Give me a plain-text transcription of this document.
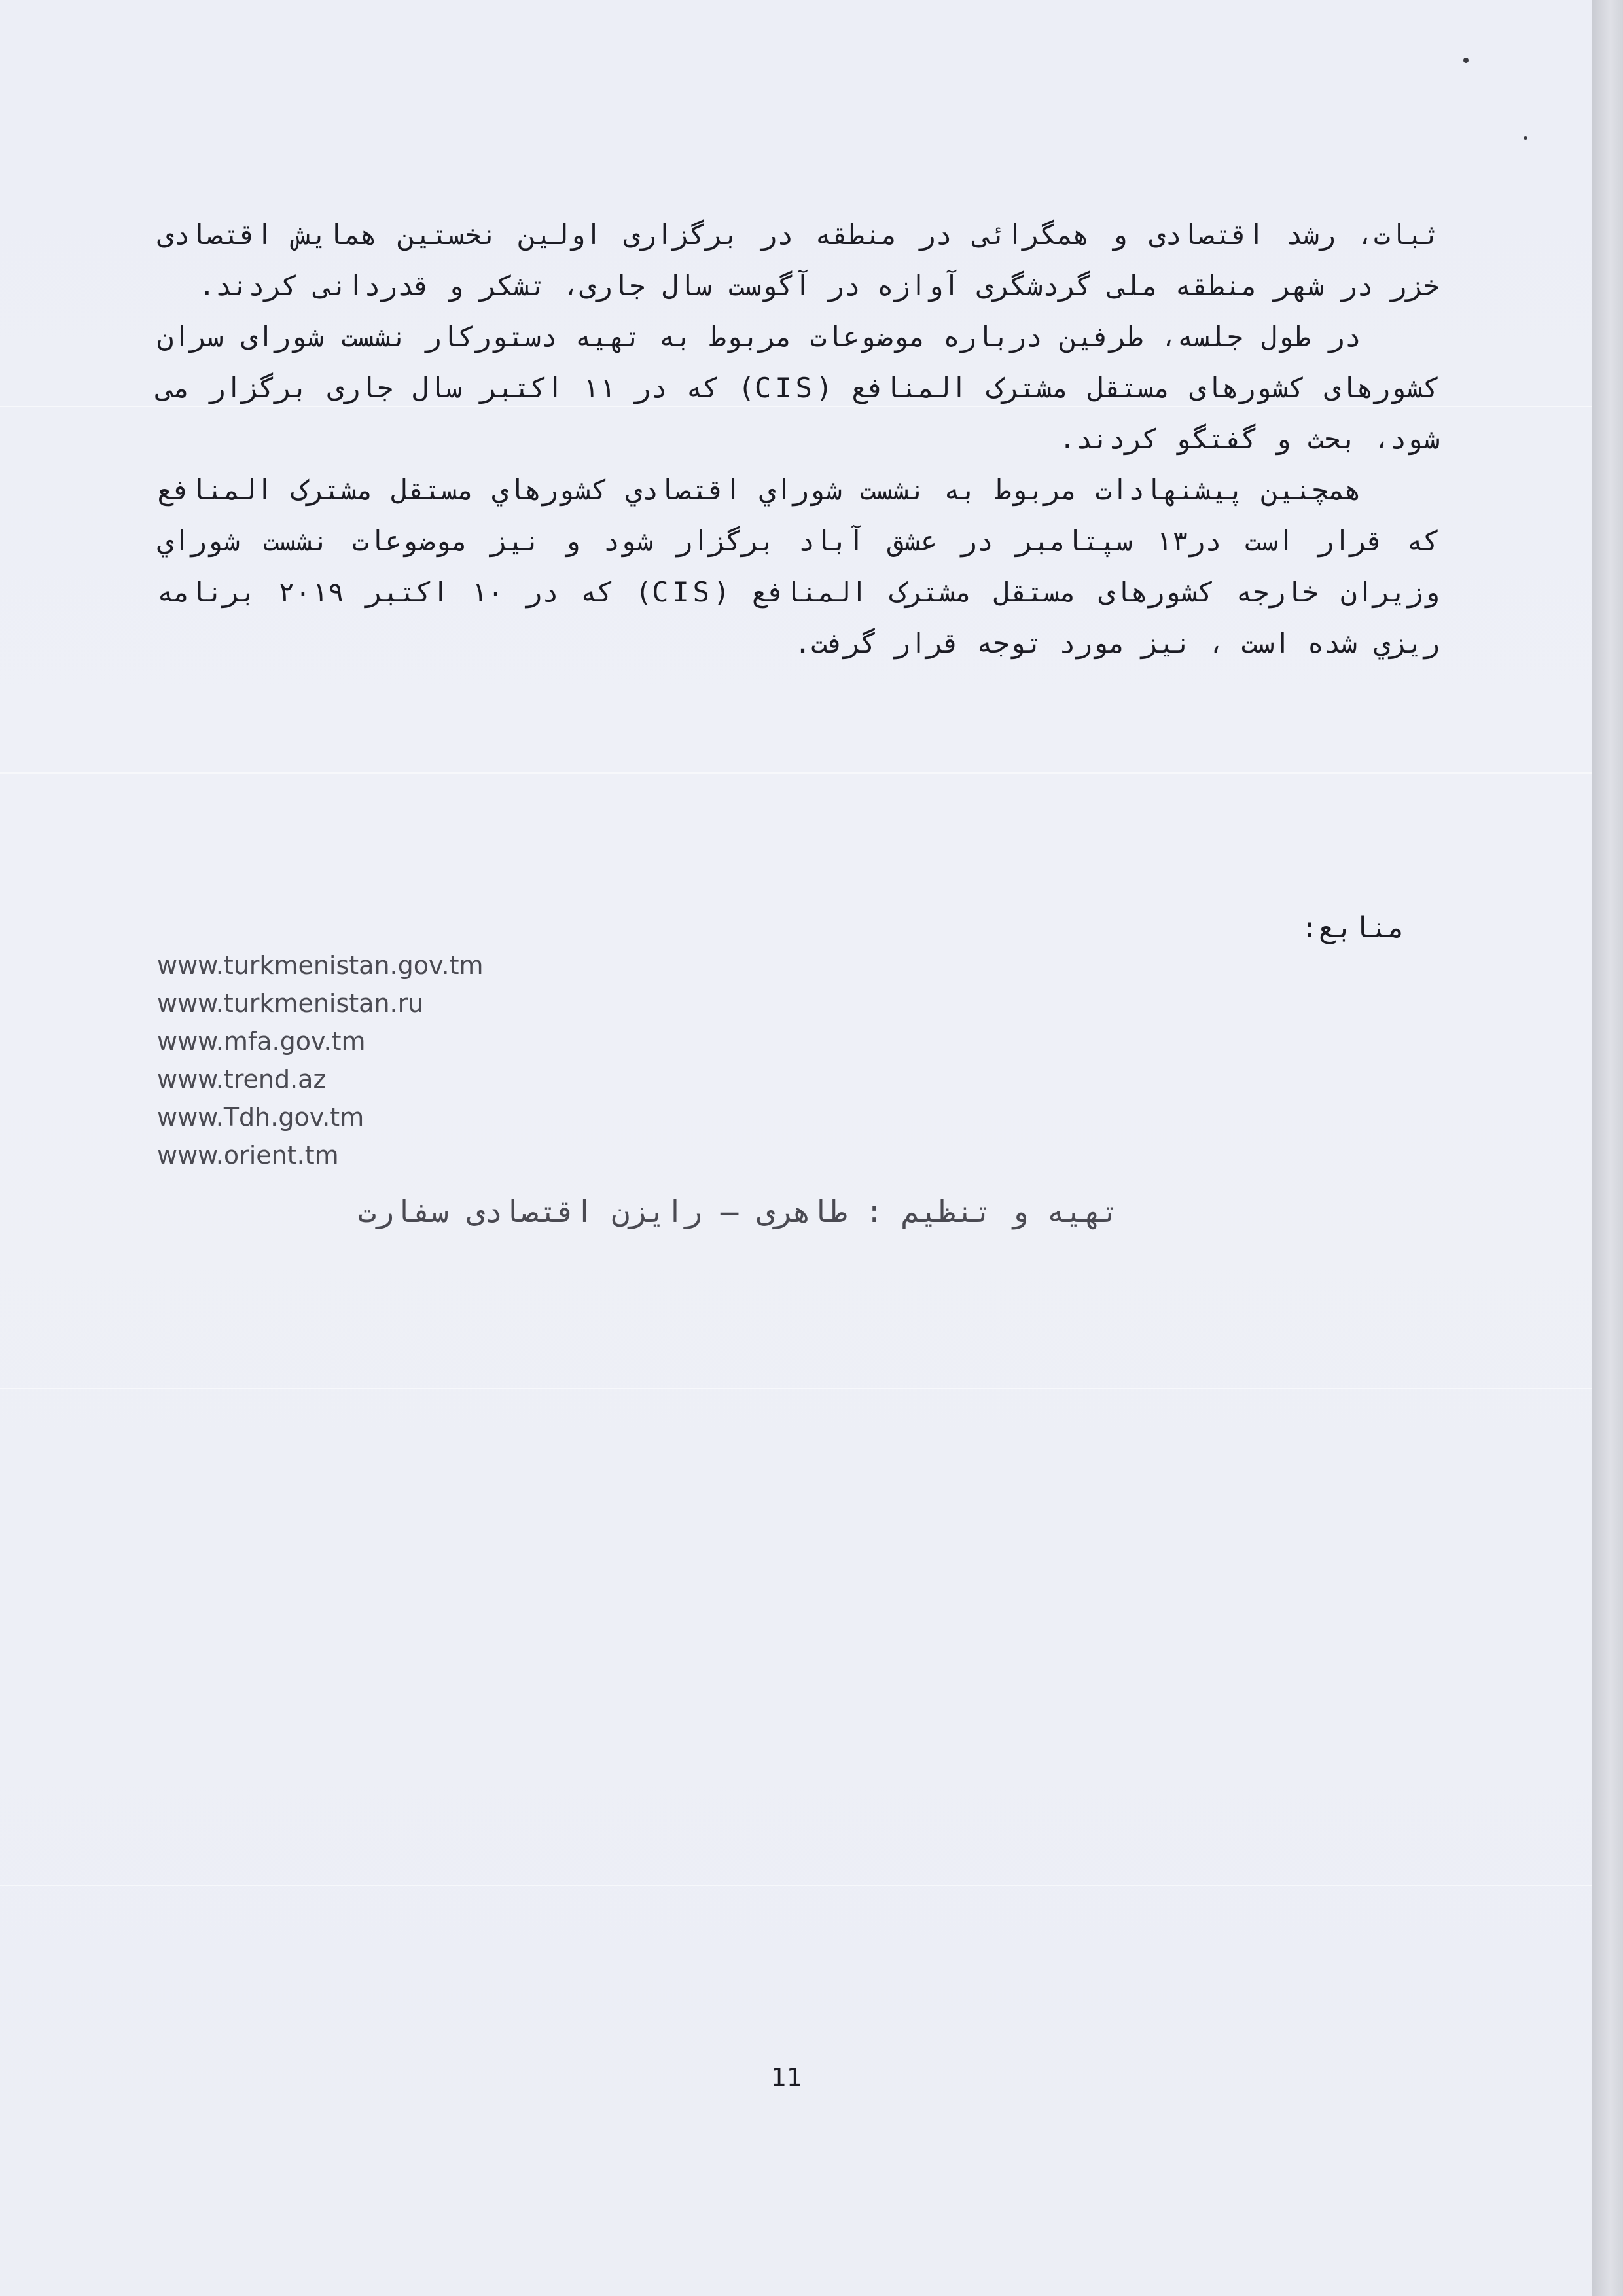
ثبات، رشد اقتصادی و همگرائی در منطقه در برگزاری اولین نخستین همایش اقتصادی خزر در شهر منطقه ملی گردشگری آوازه در آگوست سال جاری، تشکر و قدردانی کردند.

در طول جلسه، طرفین درباره موضوعات مربوط به تهیه دستورکار نشست شورای سران کشورهای کشورهای مستقل مشترک المنافع (CIS) که در ۱۱ اکتبر سال جاری برگزار می شود، بحث و گفتگو کردند.

همچنین پیشنهادات مربوط به نشست شوراي اقتصادي کشورهاي مستقل مشترک المنافع که قرار است در۱۳ سپتامبر در عشق آباد برگزار شود و نیز موضوعات نشست شوراي وزيران خارجه کشورهای مستقل مشترک المنافع (CIS) که در ۱۰ اکتبر ۲۰۱۹ برنامه ریزي شده است ، نیز مورد توجه قرار گرفت.

منابع:
www.turkmenistan.gov.tm
www.turkmenistan.ru
www.mfa.gov.tm
www.trend.az
www.Tdh.gov.tm
www.orient.tm
تهیه و تنظیم : طاهری – رایزن اقتصادی سفارت
11
